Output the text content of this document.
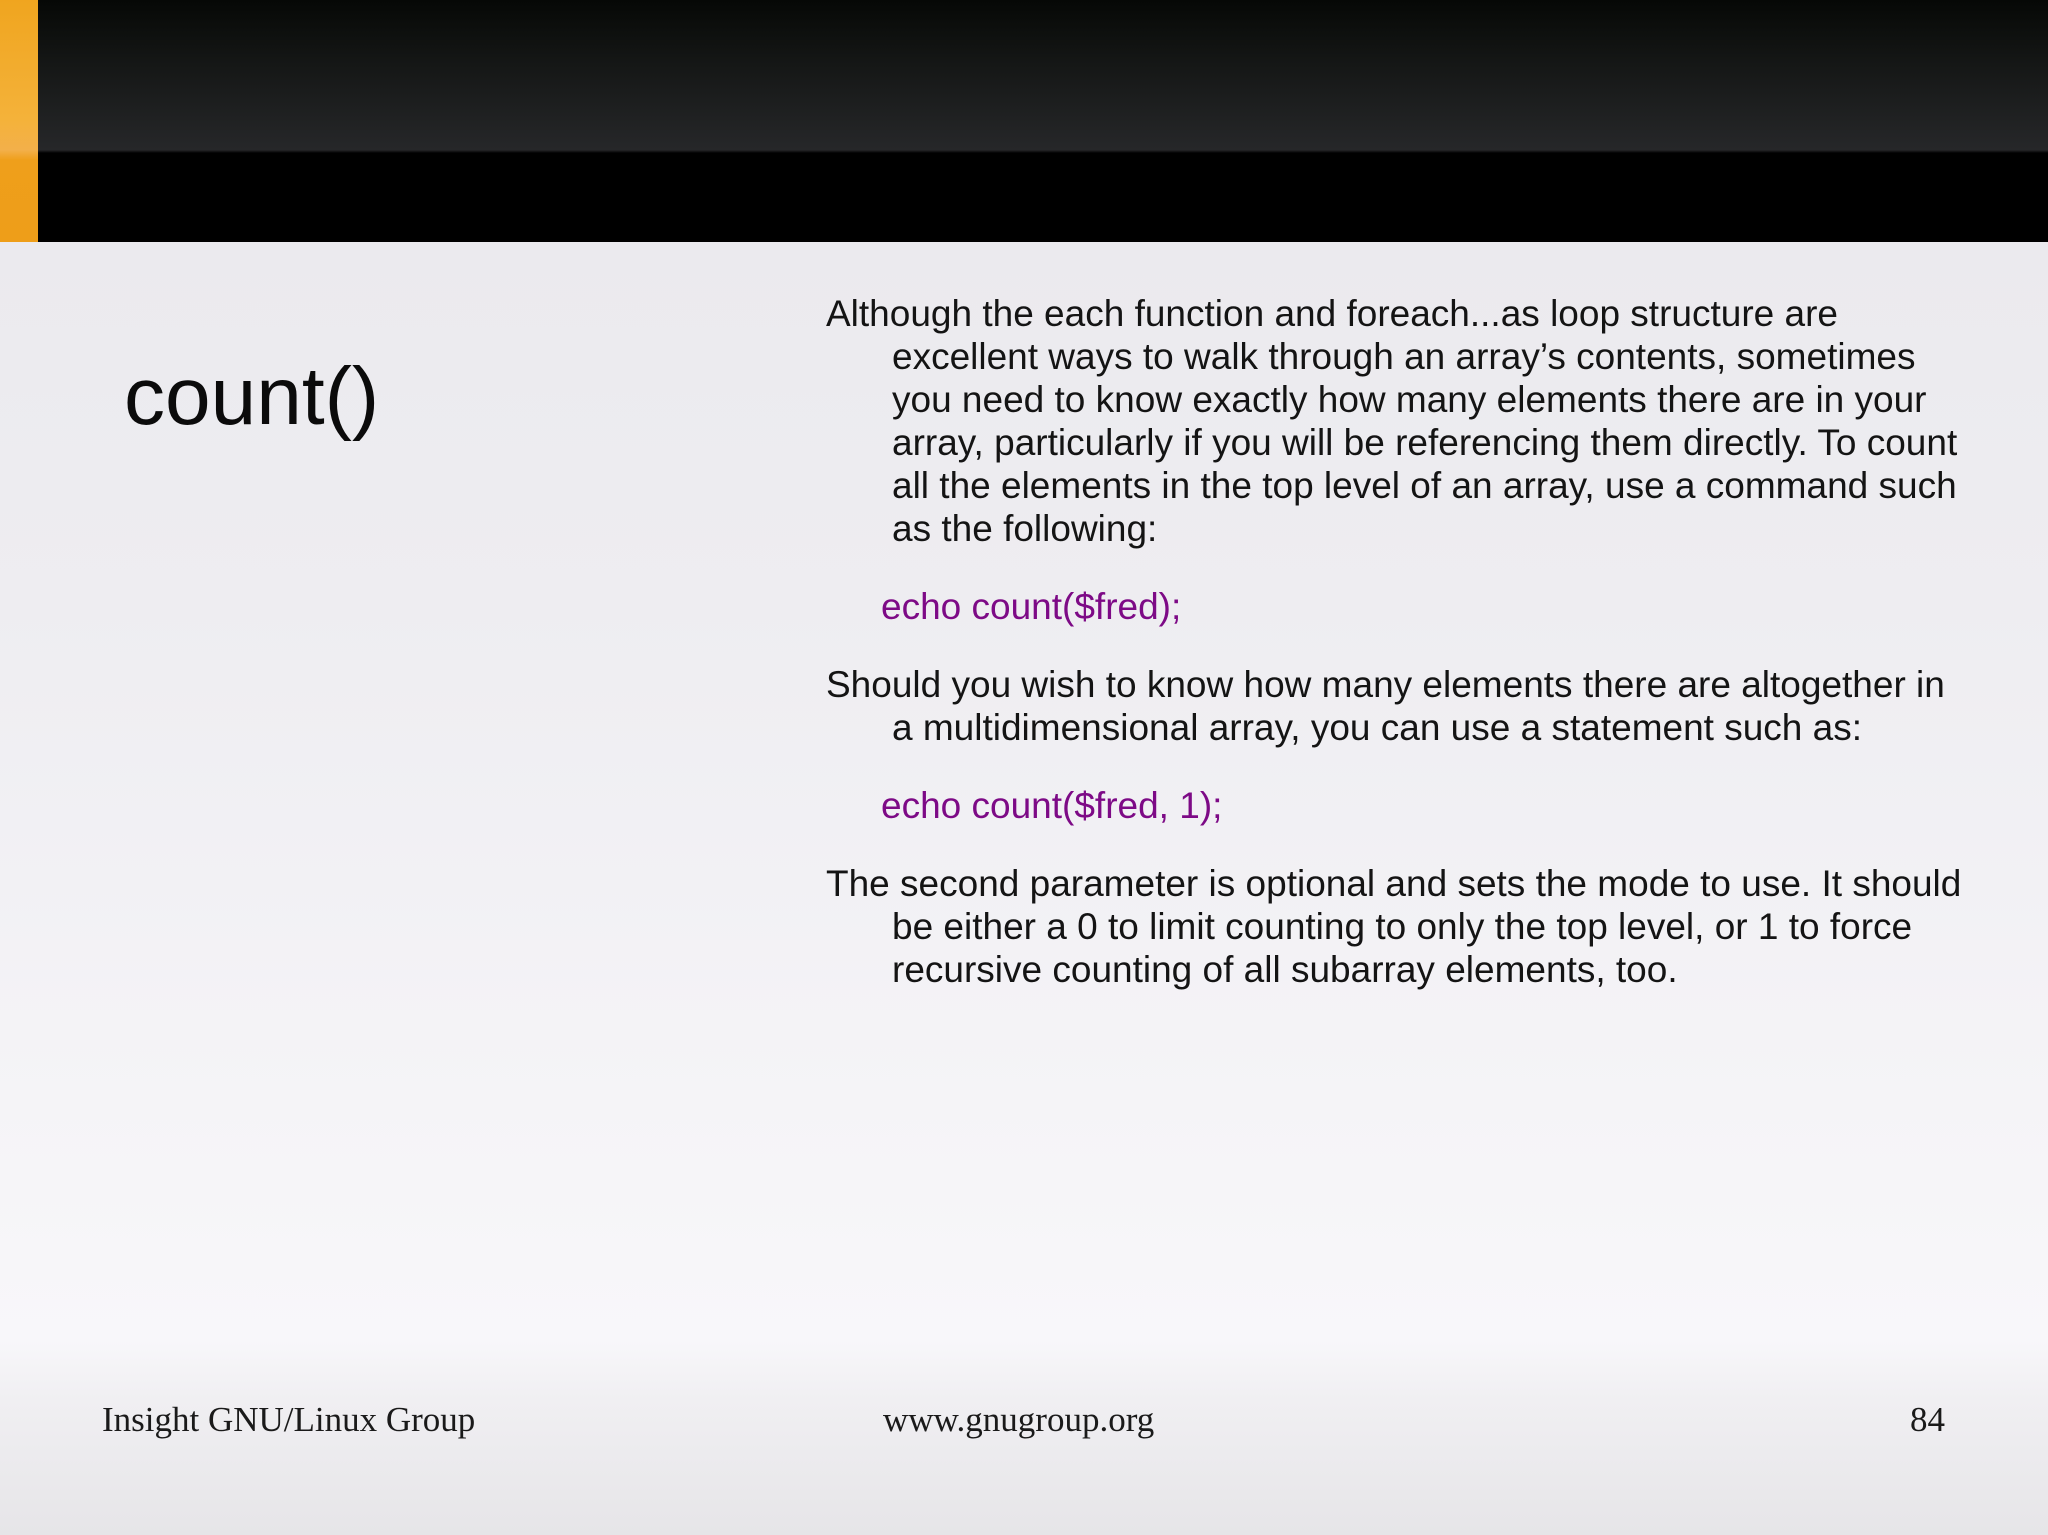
count()

Although the each function and foreach...as loop structure are excellent ways to walk through an array’s contents, sometimes you need to know exactly how many elements there are in your array, particularly if you will be referencing them directly. To count all the elements in the top level of an array, use a command such as the following:

echo count($fred);

Should you wish to know how many elements there are altogether in a multidimensional array, you can use a statement such as:

echo count($fred, 1);

The second parameter is optional and sets the mode to use. It should be either a 0 to limit counting to only the top level, or 1 to force recursive counting of all subarray elements, too.

Insight GNU/Linux Group	www.gnugroup.org	84
